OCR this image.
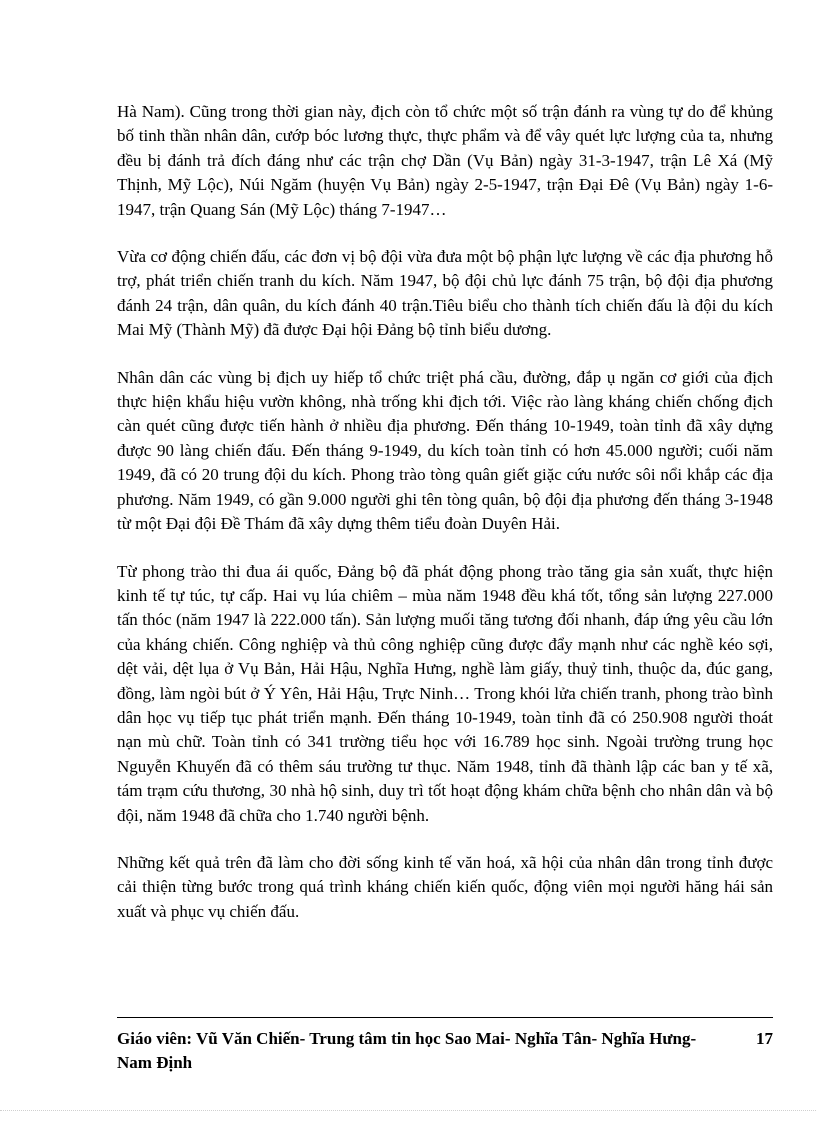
Hà Nam). Cũng trong thời gian này, địch còn tổ chức một số trận đánh ra vùng tự do để khủng bố tinh thần nhân dân, cướp bóc lương thực, thực phẩm và để vây quét lực lượng của ta, nhưng đều bị đánh trả đích đáng như các trận chợ Dần (Vụ Bản) ngày 31-3-1947, trận Lê Xá (Mỹ Thịnh, Mỹ Lộc), Núi Ngăm (huyện Vụ Bản) ngày 2-5-1947, trận Đại Đê (Vụ Bản) ngày 1-6-1947, trận Quang Sán (Mỹ Lộc) tháng 7-1947…

Vừa cơ động chiến đấu, các đơn vị bộ đội vừa đưa một bộ phận lực lượng về các địa phương hỗ trợ, phát triển chiến tranh du kích. Năm 1947, bộ đội chủ lực đánh 75 trận, bộ đội địa phương đánh 24 trận, dân quân, du kích đánh 40 trận.Tiêu biểu cho thành tích chiến đấu là đội du kích Mai Mỹ (Thành Mỹ) đã được Đại hội Đảng bộ tỉnh biểu dương.

Nhân dân các vùng bị địch uy hiếp tổ chức triệt phá cầu, đường, đắp ụ ngăn cơ giới của địch thực hiện khẩu hiệu vườn không, nhà trống khi địch tới. Việc rào làng kháng chiến chống địch càn quét cũng được tiến hành ở nhiều địa phương. Đến tháng 10-1949, toàn tỉnh đã xây dựng được 90 làng chiến đấu. Đến tháng 9-1949, du kích toàn tỉnh có hơn 45.000 người; cuối năm 1949, đã có 20 trung đội du kích. Phong trào tòng quân giết giặc cứu nước sôi nổi khắp các địa phương. Năm 1949, có gần 9.000 người ghi tên tòng quân, bộ đội địa phương đến tháng 3-1948 từ một Đại đội Đề Thám đã xây dựng thêm tiểu đoàn Duyên Hải.

Từ phong trào thi đua ái quốc, Đảng bộ đã phát động phong trào tăng gia sản xuất, thực hiện kinh tế tự túc, tự cấp. Hai vụ lúa chiêm – mùa năm 1948 đều khá tốt, tổng sản lượng 227.000 tấn thóc (năm 1947 là 222.000 tấn). Sản lượng muối tăng tương đối nhanh, đáp ứng yêu cầu lớn của kháng chiến. Công nghiệp và thủ công nghiệp cũng được đẩy mạnh như các nghề kéo sợi, dệt vải, dệt lụa ở Vụ Bản, Hải Hậu, Nghĩa Hưng, nghề làm giấy, thuỷ tinh, thuộc da, đúc gang, đồng, làm ngòi bút ở Ý Yên, Hải Hậu, Trực Ninh… Trong khói lửa chiến tranh, phong trào bình dân học vụ tiếp tục phát triển mạnh. Đến tháng 10-1949, toàn tỉnh đã có 250.908 người thoát nạn mù chữ. Toàn tỉnh có 341 trường tiểu học với 16.789 học sinh. Ngoài trường trung học Nguyễn Khuyến đã có thêm sáu trường tư thục. Năm 1948, tỉnh đã thành lập các ban y tế xã, tám trạm cứu thương, 30 nhà hộ sinh, duy trì tốt hoạt động khám chữa bệnh cho nhân dân và bộ đội, năm 1948 đã chữa cho 1.740 người bệnh.

Những kết quả trên đã làm cho đời sống kinh tế văn hoá, xã hội của nhân dân trong tỉnh được cải thiện từng bước trong quá trình kháng chiến kiến quốc, động viên mọi người hăng hái sản xuất và phục vụ chiến đấu.

Giáo viên: Vũ Văn Chiến- Trung tâm tin học Sao Mai- Nghĩa Tân- Nghĩa Hưng- Nam Định
17
